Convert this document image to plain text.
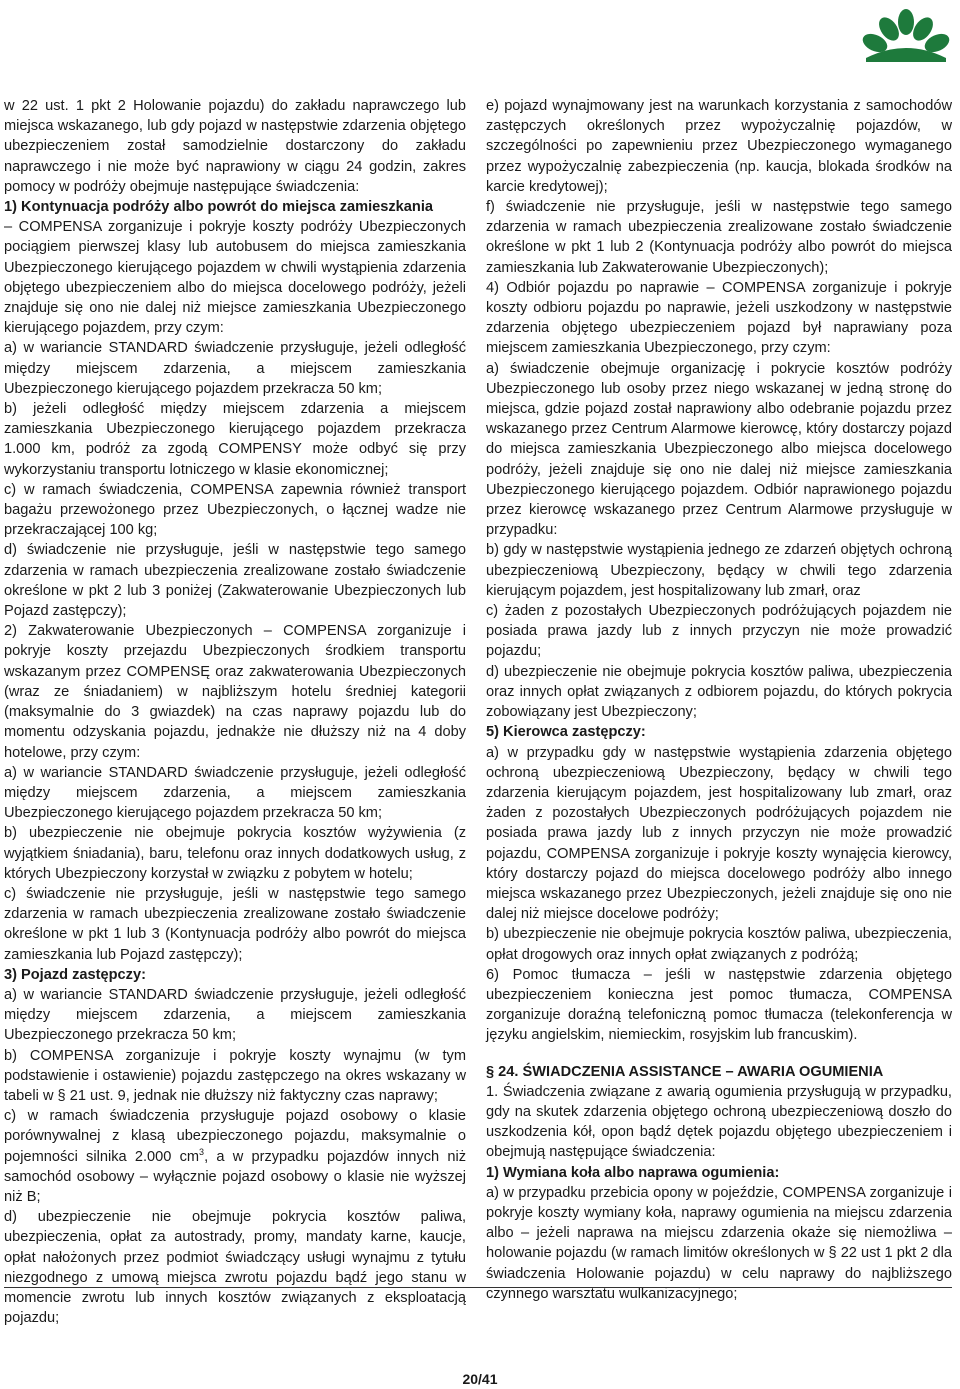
w 22 ust. 1 pkt 2 Holowanie pojazdu) do zakładu naprawczego lub miejsca wskazanego, lub gdy pojazd w następstwie zdarzenia objętego ubezpieczeniem został samodzielnie dostarczony do zakładu naprawczego i nie może być naprawiony w ciągu 24 godzin, zakres pomocy w podróży obejmuje następujące świadczenia:

1) Kontynuacja podróży albo powrót do miejsca zamieszkania

– COMPENSA zorganizuje i pokryje koszty podróży Ubezpieczonych pociągiem pierwszej klasy lub autobusem do miejsca zamieszkania Ubezpieczonego kierującego pojazdem w chwili wystąpienia zdarzenia objętego ubezpieczeniem albo do miejsca docelowego podróży, jeżeli znajduje się ono nie dalej niż miejsce zamieszkania Ubezpieczonego kierującego pojazdem, przy czym:

a) w wariancie STANDARD świadczenie przysługuje, jeżeli odległość między miejscem zdarzenia, a miejscem zamieszkania Ubezpieczonego kierującego pojazdem przekracza 50 km;

b) jeżeli odległość między miejscem zdarzenia a miejscem zamieszkania Ubezpieczonego kierującego pojazdem przekracza 1.000 km, podróż za zgodą COMPENSY może odbyć się przy wykorzystaniu transportu lotniczego w klasie ekonomicznej;

c) w ramach świadczenia, COMPENSA zapewnia również transport bagażu przewożonego przez Ubezpieczonych, o łącznej wadze nie przekraczającej 100 kg;

d) świadczenie nie przysługuje, jeśli w następstwie tego samego zdarzenia w ramach ubezpieczenia zrealizowane zostało świadczenie określone w pkt 2 lub 3 poniżej (Zakwaterowanie Ubezpieczonych lub Pojazd zastępczy);

2) Zakwaterowanie Ubezpieczonych – COMPENSA zorganizuje i pokryje koszty przejazdu Ubezpieczonych środkiem transportu wskazanym przez COMPENSĘ oraz zakwaterowania Ubezpieczonych (wraz ze śniadaniem) w najbliższym hotelu średniej kategorii (maksymalnie do 3 gwiazdek) na czas naprawy pojazdu lub do momentu odzyskania pojazdu, jednakże nie dłuższy niż na 4 doby hotelowe, przy czym:

a) w wariancie STANDARD świadczenie przysługuje, jeżeli odległość między miejscem zdarzenia, a miejscem zamieszkania Ubezpieczonego kierującego pojazdem przekracza 50 km;

b) ubezpieczenie nie obejmuje pokrycia kosztów wyżywienia (z wyjątkiem śniadania), baru, telefonu oraz innych dodatkowych usług, z których Ubezpieczony korzystał w związku z pobytem w hotelu;

c) świadczenie nie przysługuje, jeśli w następstwie tego samego zdarzenia w ramach ubezpieczenia zrealizowane zostało świadczenie określone w pkt 1 lub 3 (Kontynuacja podróży albo powrót do miejsca zamieszkania lub Pojazd zastępczy);

3) Pojazd zastępczy:

a) w wariancie STANDARD świadczenie przysługuje, jeżeli odległość między miejscem zdarzenia, a miejscem zamieszkania Ubezpieczonego przekracza 50 km;

b) COMPENSA zorganizuje i pokryje koszty wynajmu (w tym podstawienie i ostawienie) pojazdu zastępczego na okres wskazany w tabeli w § 21 ust. 9, jednak nie dłuższy niż faktyczny czas naprawy;

c) w ramach świadczenia przysługuje pojazd osobowy o klasie porównywalnej z klasą ubezpieczonego pojazdu, maksymalnie o pojemności silnika 2.000 $cm^3$, a w przypadku pojazdów innych niż samochód osobowy – wyłącznie pojazd osobowy o klasie nie wyższej niż B;

d) ubezpieczenie nie obejmuje pokrycia kosztów paliwa, ubezpieczenia, opłat za autostrady, promy, mandaty karne, kaucje, opłat nałożonych przez podmiot świadczący usługi wynajmu z tytułu niezgodnego z umową miejsca zwrotu pojazdu bądź jego stanu w momencie zwrotu lub innych kosztów związanych z eksploatacją pojazdu;

e) pojazd wynajmowany jest na warunkach korzystania z samochodów zastępczych określonych przez wypożyczalnię pojazdów, w szczególności po zapewnieniu przez Ubezpieczonego wymaganego przez wypożyczalnię zabezpieczenia (np. kaucja, blokada środków na karcie kredytowej);

f) świadczenie nie przysługuje, jeśli w następstwie tego samego zdarzenia w ramach ubezpieczenia zrealizowane zostało świadczenie określone w pkt 1 lub 2 (Kontynuacja podróży albo powrót do miejsca zamieszkania lub Zakwaterowanie Ubezpieczonych);

4) Odbiór pojazdu po naprawie – COMPENSA zorganizuje i pokryje koszty odbioru pojazdu po naprawie, jeżeli uszkodzony w następstwie zdarzenia objętego ubezpieczeniem pojazd był naprawiany poza miejscem zamieszkania Ubezpieczonego, przy czym:

a) świadczenie obejmuje organizację i pokrycie kosztów podróży Ubezpieczonego lub osoby przez niego wskazanej w jedną stronę do miejsca, gdzie pojazd został naprawiony albo odebranie pojazdu przez wskazanego przez Centrum Alarmowe kierowcę, który dostarczy pojazd do miejsca zamieszkania Ubezpieczonego albo miejsca docelowego podróży, jeżeli znajduje się ono nie dalej niż miejsce zamieszkania Ubezpieczonego kierującego pojazdem. Odbiór naprawionego pojazdu przez kierowcę wskazanego przez Centrum Alarmowe przysługuje w przypadku:

b) gdy w następstwie wystąpienia jednego ze zdarzeń objętych ochroną ubezpieczeniową Ubezpieczony, będący w chwili tego zdarzenia kierującym pojazdem, jest hospitalizowany lub zmarł, oraz

c) żaden z pozostałych Ubezpieczonych podróżujących pojazdem nie posiada prawa jazdy lub z innych przyczyn nie może prowadzić pojazdu;

d) ubezpieczenie nie obejmuje pokrycia kosztów paliwa, ubezpieczenia oraz innych opłat związanych z odbiorem pojazdu, do których pokrycia zobowiązany jest Ubezpieczony;

5) Kierowca zastępczy:

a) w przypadku gdy w następstwie wystąpienia zdarzenia objętego ochroną ubezpieczeniową Ubezpieczony, będący w chwili tego zdarzenia kierującym pojazdem, jest hospitalizowany lub zmarł, oraz żaden z pozostałych Ubezpieczonych podróżujących pojazdem nie posiada prawa jazdy lub z innych przyczyn nie może prowadzić pojazdu, COMPENSA zorganizuje i pokryje koszty wynajęcia kierowcy, który dostarczy pojazd do miejsca docelowego podróży albo innego miejsca wskazanego przez Ubezpieczonych, jeżeli znajduje się ono nie dalej niż miejsce docelowe podróży;

b) ubezpieczenie nie obejmuje pokrycia kosztów paliwa, ubezpieczenia, opłat drogowych oraz innych opłat związanych z podróżą;

6) Pomoc tłumacza – jeśli w następstwie zdarzenia objętego ubezpieczeniem konieczna jest pomoc tłumacza, COMPENSA zorganizuje doraźną telefoniczną pomoc tłumacza (telekonferencja w języku angielskim, niemieckim, rosyjskim lub francuskim).

§ 24. ŚWIADCZENIA ASSISTANCE – AWARIA OGUMIENIA

1. Świadczenia związane z awarią ogumienia przysługują w przypadku, gdy na skutek zdarzenia objętego ochroną ubezpieczeniową doszło do uszkodzenia kół, opon bądź dętek pojazdu objętego ubezpieczeniem i obejmują następujące świadczenia:

1) Wymiana koła albo naprawa ogumienia:

a) w przypadku przebicia opony w pojeździe, COMPENSA zorganizuje i pokryje koszty wymiany koła, naprawy ogumienia na miejscu zdarzenia albo – jeżeli naprawa na miejscu zdarzenia okaże się niemożliwa – holowanie pojazdu (w ramach limitów określonych w § 22 ust 1 pkt 2 dla świadczenia Holowanie pojazdu) w celu naprawy do najbliższego czynnego warsztatu wulkanizacyjnego;

20/41
